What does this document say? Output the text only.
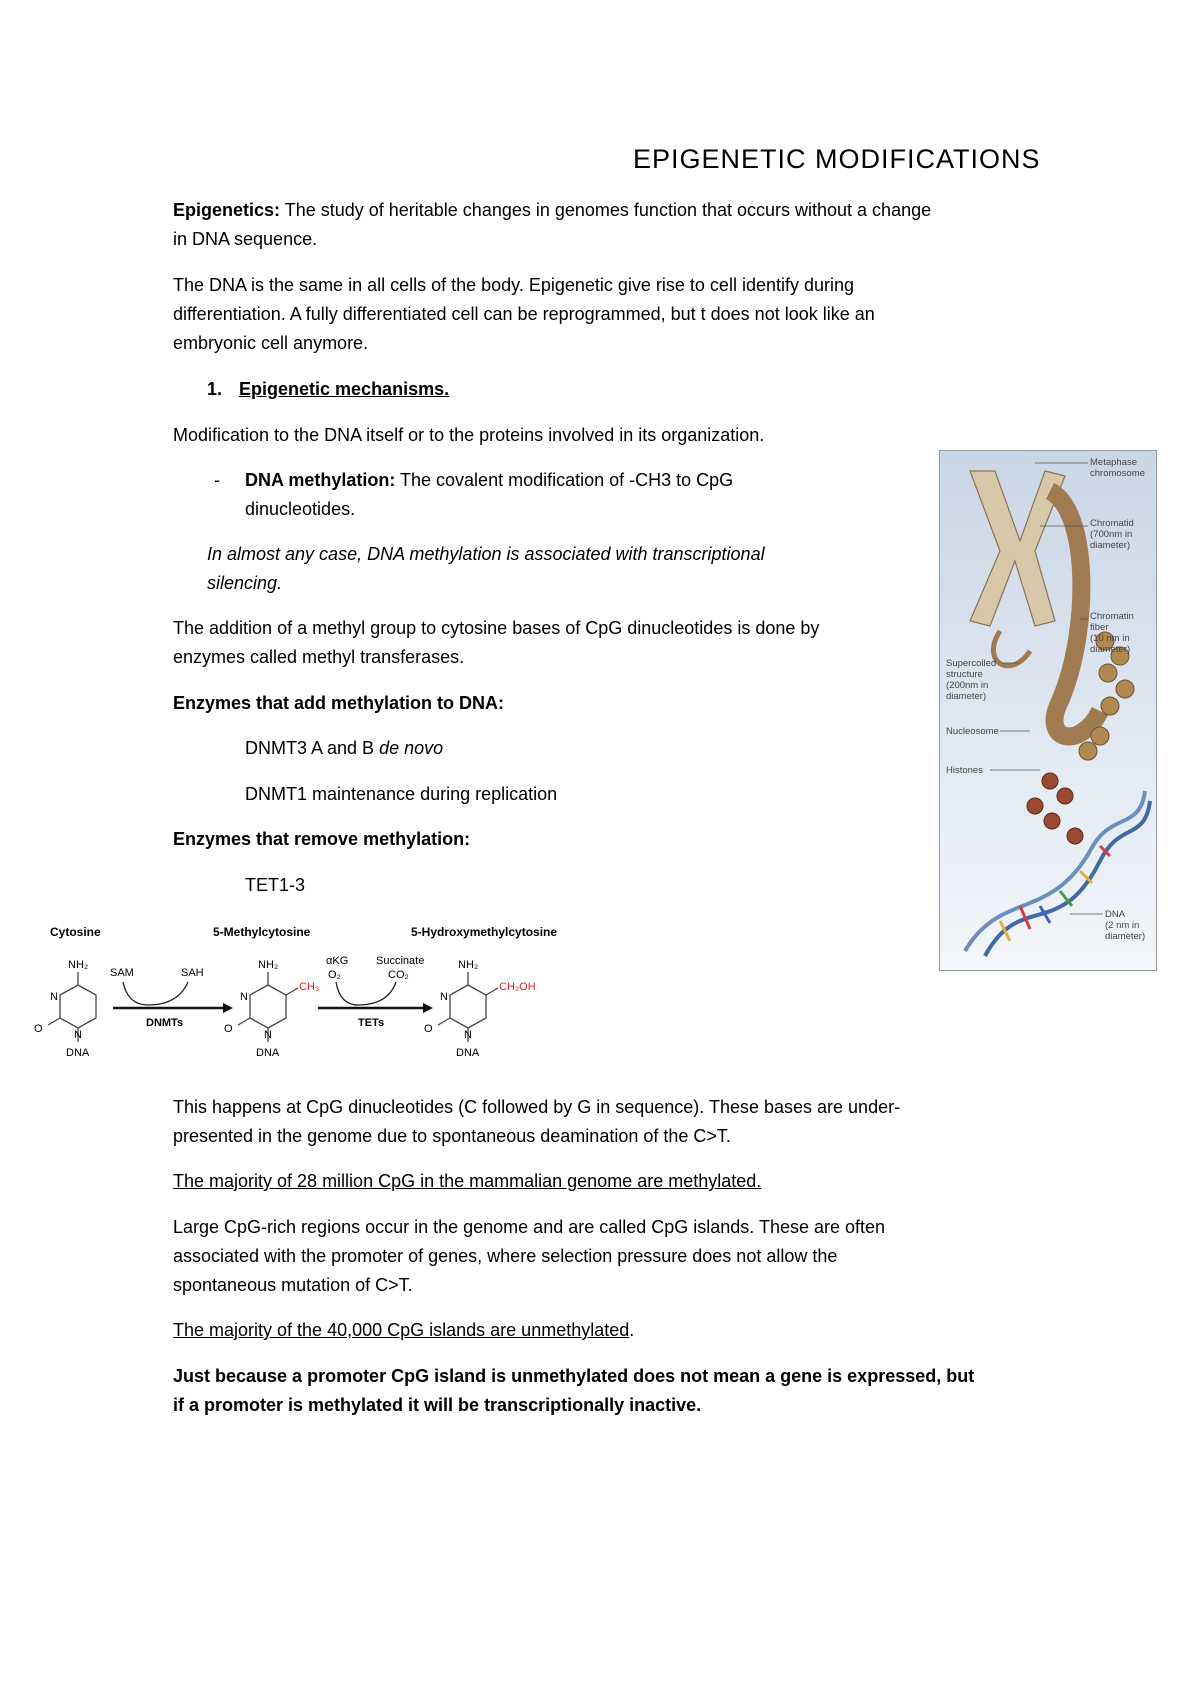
EPIGENETIC MODIFICATIONS

Epigenetics: The study of heritable changes in genomes function that occurs without a change

in DNA sequence.

The DNA is the same in all cells of the body. Epigenetic give rise to cell identify during

differentiation. A fully differentiated cell can be reprogrammed, but t does not look like an

embryonic cell anymore.

1. Epigenetic mechanisms.

Modification to the DNA itself or to the proteins involved in its organization.

- DNA methylation: The covalent modification of -CH3 to CpG

dinucleotides.

In almost any case, DNA methylation is associated with transcriptional

silencing.

The addition of a methyl group to cytosine bases of CpG dinucleotides is done by

enzymes called methyl transferases.

Enzymes that add methylation to DNA:

DNMT3 A and B de novo

DNMT1 maintenance during replication

Enzymes that remove methylation:

TET1-3

Cytosine	5-Methylcytosine	5-Hydroxymethylcytosine
NH₂
N
N
O
DNA
SAM	SAH
DNMTs
NH₂
CH₃
N
N
O
DNA
αKG
O₂
Succinate
CO₂
TETs
NH₂
CH₂OH
N
N
O
DNA
Metaphase
chromosome
Chromatid
(700nm in
diameter)
Chromatin
fiber
(10 nm in
diameter)
Supercoiled
structure
(200nm in
diameter)
Nucleosome
Histones
DNA
(2 nm in
diameter)

This happens at CpG dinucleotides (C followed by G in sequence). These bases are under-

presented in the genome due to spontaneous deamination of the C>T.

The majority of 28 million CpG in the mammalian genome are methylated.

Large CpG-rich regions occur in the genome and are called CpG islands. These are often

associated with the promoter of genes, where selection pressure does not allow the

spontaneous mutation of C>T.

The majority of the 40,000 CpG islands are unmethylated.

Just because a promoter CpG island is unmethylated does not mean a gene is expressed, but

if a promoter is methylated it will be transcriptionally inactive.
